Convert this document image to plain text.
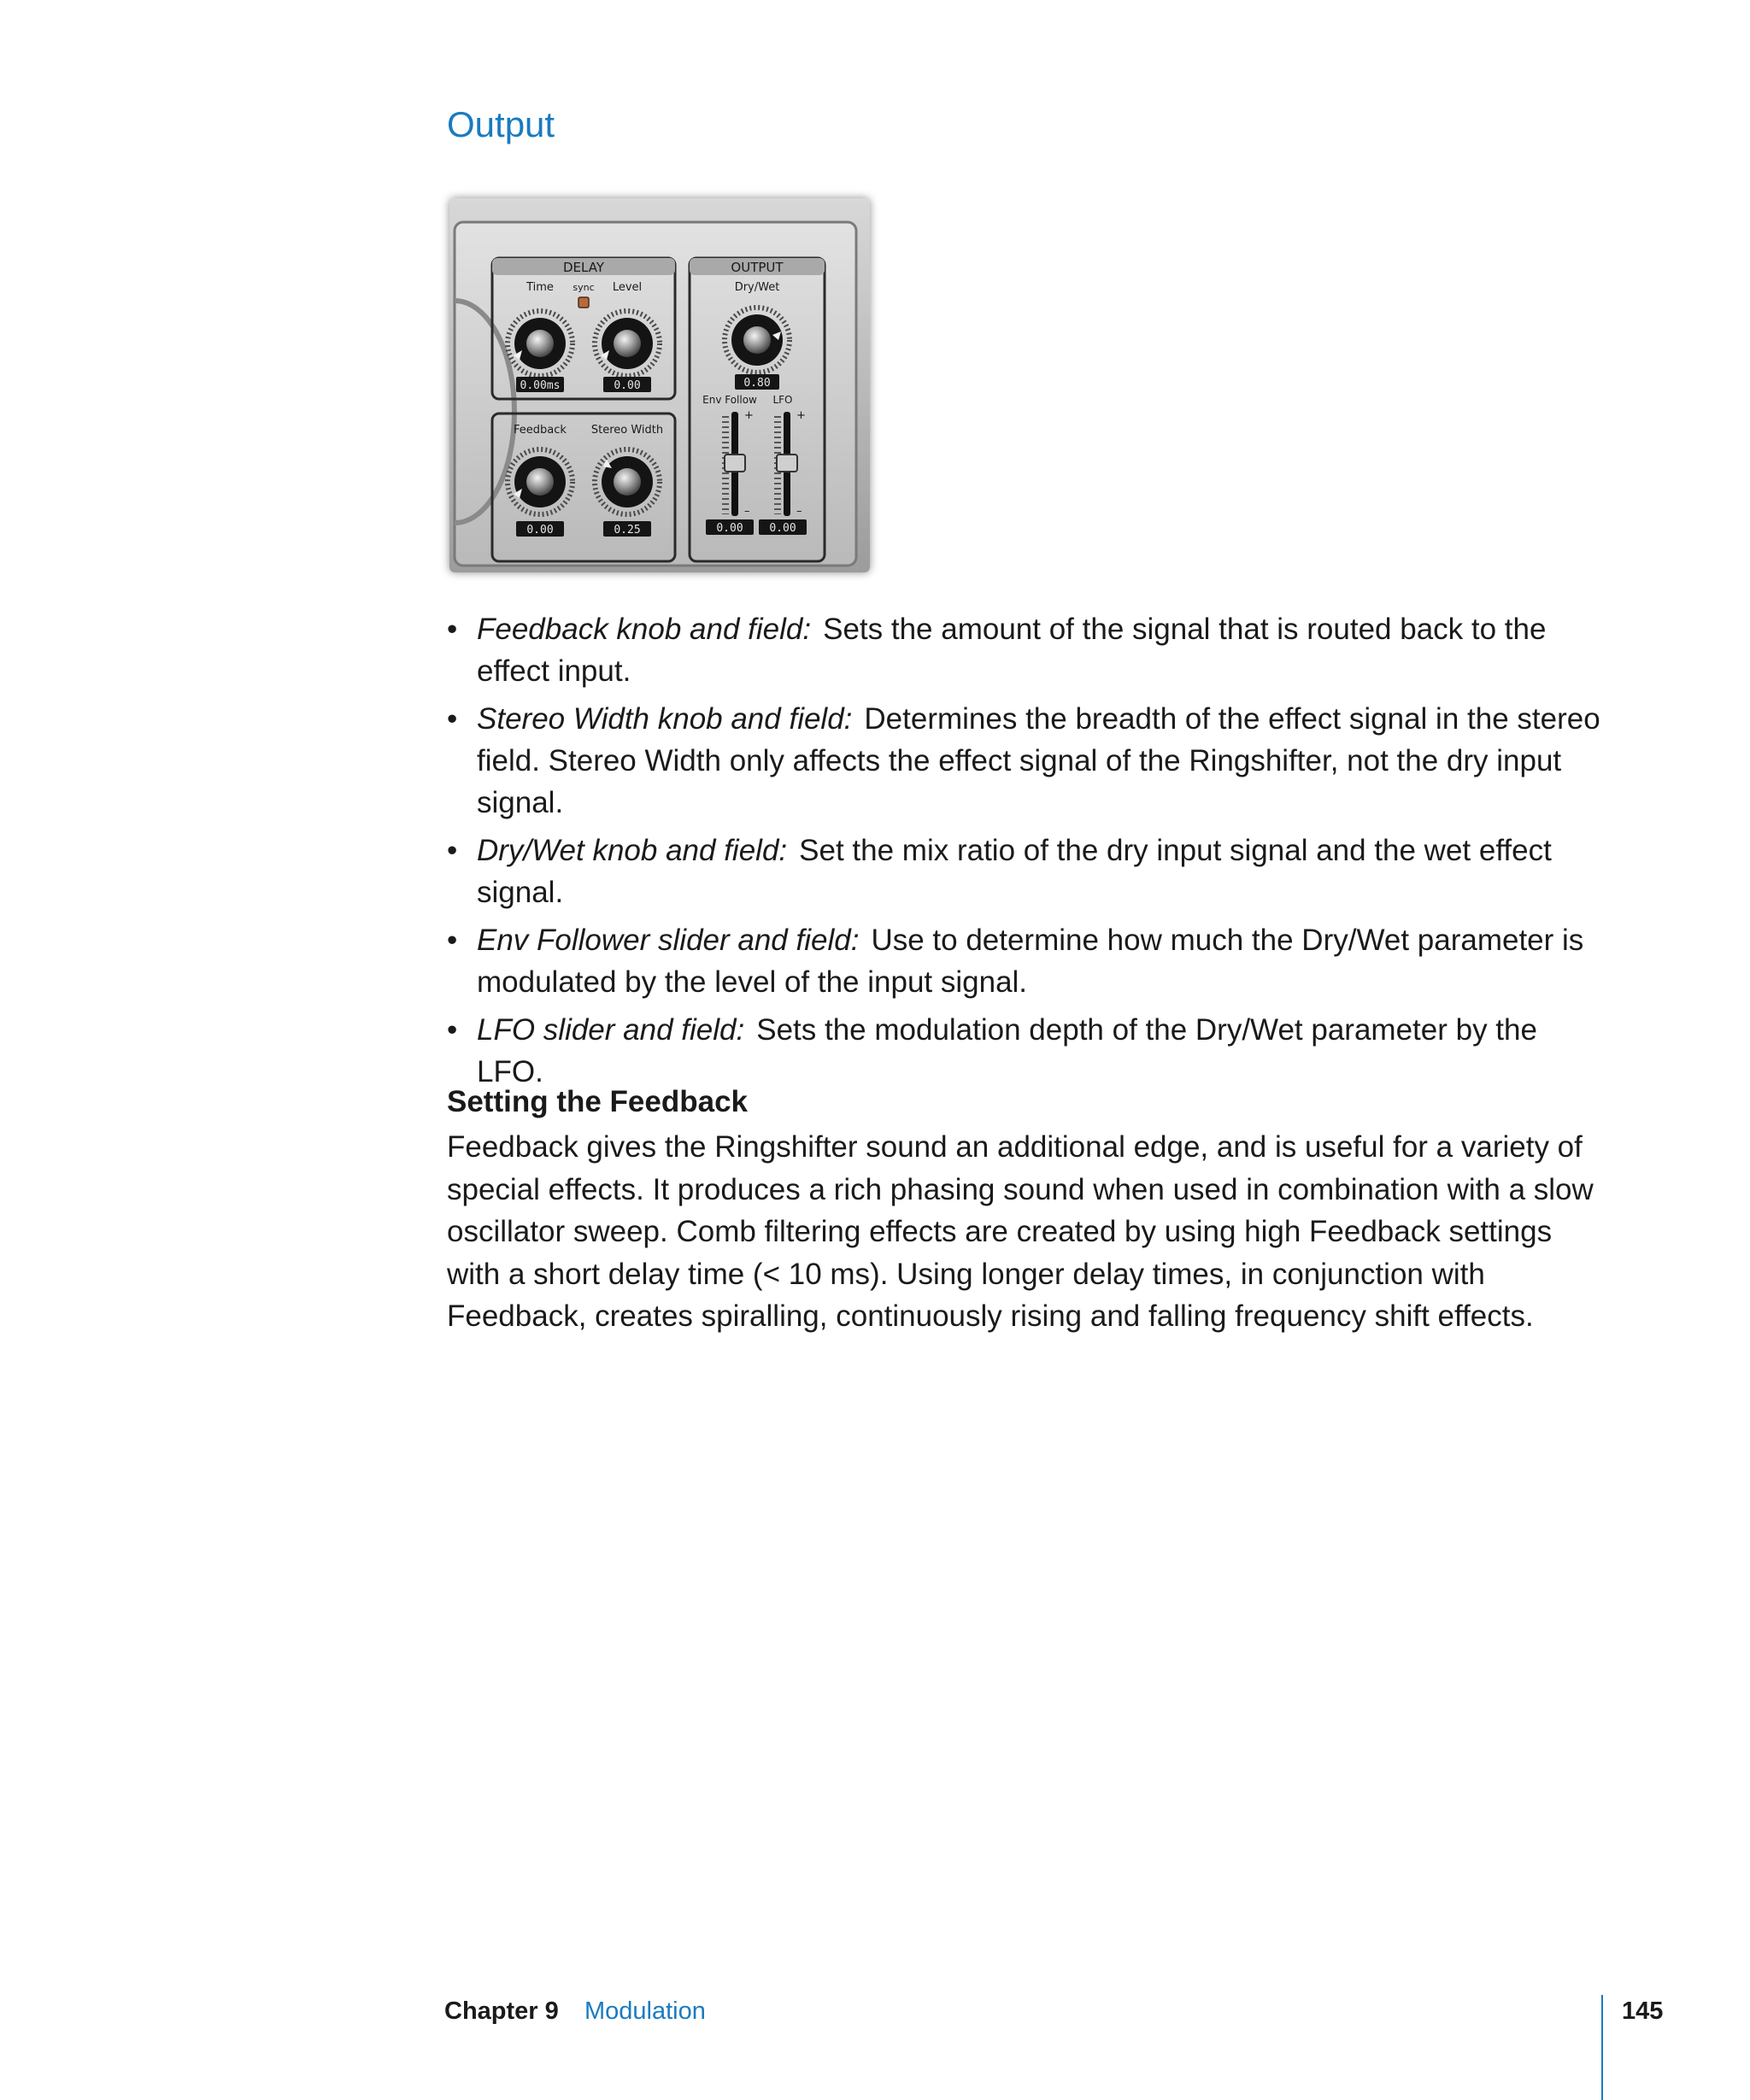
Output
DELAY	OUTPUT
Time sync Level	Dry/Wet
Feedback Stereo Width
Env Follow LFO
+
–
+
–
0.00ms	0.00	0.80
0.00	0.25	0.00 0.00
• Feedback knob and field: Sets the amount of the signal that is routed back to the effect input.
• Stereo Width knob and field: Determines the breadth of the effect signal in the stereo field. Stereo Width only affects the effect signal of the Ringshifter, not the dry input signal.
• Dry/Wet knob and field: Set the mix ratio of the dry input signal and the wet effect signal.
• Env Follower slider and field: Use to determine how much the Dry/Wet parameter is modulated by the level of the input signal.
• LFO slider and field: Sets the modulation depth of the Dry/Wet parameter by the LFO.
Setting the Feedback

Feedback gives the Ringshifter sound an additional edge, and is useful for a variety of special effects. It produces a rich phasing sound when used in combination with a slow oscillator sweep. Comb filtering effects are created by using high Feedback settings with a short delay time (< 10 ms). Using longer delay times, in conjunction with Feedback, creates spiralling, continuously rising and falling frequency shift effects.

Chapter 9 Modulation	145
